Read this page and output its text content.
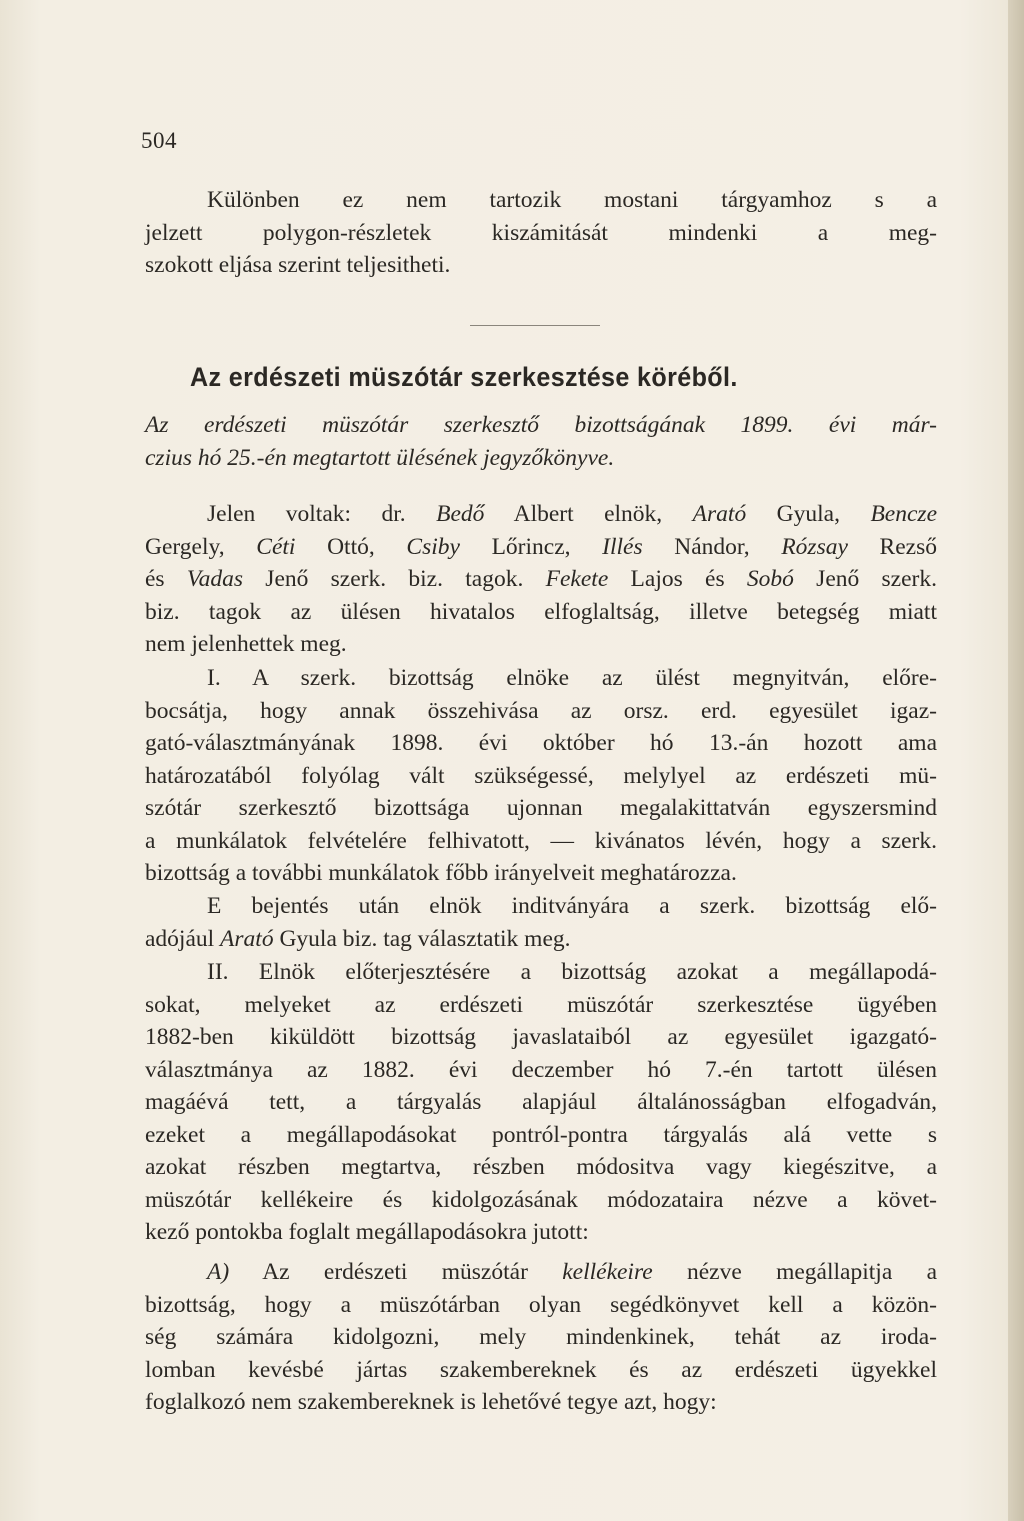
504
Különben ez nem tartozik mostani tárgyamhoz s a
jelzett polygon-részletek kiszámitását mindenki a meg-
szokott eljása szerint teljesitheti.
Az erdészeti müszótár szerkesztése köréből.
Az erdészeti müszótár szerkesztő bizottságának 1899. évi már-
czius hó 25.-én megtartott ülésének jegyzőkönyve.
Jelen voltak: dr. Bedő Albert elnök, Arató Gyula, Bencze
Gergely, Céti Ottó, Csiby Lőrincz, Illés Nándor, Rózsay Rezső
és Vadas Jenő szerk. biz. tagok. Fekete Lajos és Sobó Jenő szerk.
biz. tagok az ülésen hivatalos elfoglaltság, illetve betegség miatt
nem jelenhettek meg.
I. A szerk. bizottság elnöke az ülést megnyitván, előre-
bocsátja, hogy annak összehivása az orsz. erd. egyesület igaz-
gató-választmányának 1898. évi október hó 13.-án hozott ama
határozatából folyólag vált szükségessé, melylyel az erdészeti mü-
szótár szerkesztő bizottsága ujonnan megalakittatván egyszersmind
a munkálatok felvételére felhivatott, — kivánatos lévén, hogy a szerk.
bizottság a további munkálatok főbb irányelveit meghatározza.
E bejentés után elnök inditványára a szerk. bizottság elő-
adójául Arató Gyula biz. tag választatik meg.
II. Elnök előterjesztésére a bizottság azokat a megállapodá-
sokat, melyeket az erdészeti müszótár szerkesztése ügyében
1882-ben kiküldött bizottság javaslataiból az egyesület igazgató-
választmánya az 1882. évi deczember hó 7.-én tartott ülésen
magáévá tett, a tárgyalás alapjául általánosságban elfogadván,
ezeket a megállapodásokat pontról-pontra tárgyalás alá vette s
azokat részben megtartva, részben módositva vagy kiegészitve, a
müszótár kellékeire és kidolgozásának módozataira nézve a követ-
kező pontokba foglalt megállapodásokra jutott:
A) Az erdészeti müszótár kellékeire nézve megállapitja a
bizottság, hogy a müszótárban olyan segédkönyvet kell a közön-
ség számára kidolgozni, mely mindenkinek, tehát az iroda-
lomban kevésbé jártas szakembereknek és az erdészeti ügyekkel
foglalkozó nem szakembereknek is lehetővé tegye azt, hogy:
